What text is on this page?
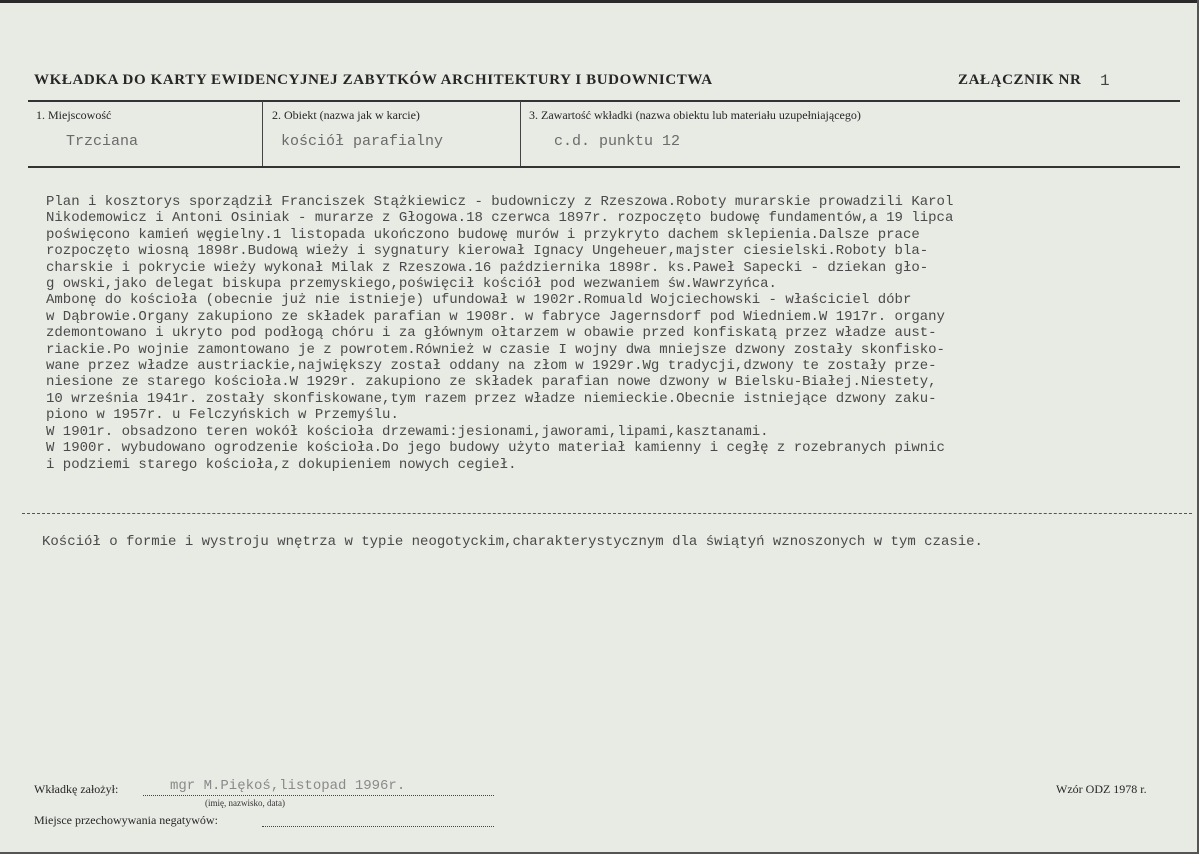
WKŁADKA DO KARTY EWIDENCYJNEJ ZABYTKÓW ARCHITEKTURY I BUDOWNICTWA	ZAŁĄCZNIK NR 1
1. Miejscowość
Trzciana
2. Obiekt (nazwa jak w karcie)
kościół parafialny
3. Zawartość wkładki (nazwa obiektu lub materiału uzupełniającego)
c.d. punktu 12
Plan i kosztorys sporządził Franciszek Stążkiewicz - budowniczy z Rzeszowa.Roboty murarskie prowadzili Karol
Nikodemowicz i Antoni Osiniak - murarze z Głogowa.18 czerwca 1897r. rozpoczęto budowę fundamentów,a 19 lipca
poświęcono kamień węgielny.1 listopada ukończono budowę murów i przykryto dachem sklepienia.Dalsze prace
rozpoczęto wiosną 1898r.Budową wieży i sygnatury kierował Ignacy Ungeheuer,majster ciesielski.Roboty bla-
charskie i pokrycie wieży wykonał Milak z Rzeszowa.16 października 1898r. ks.Paweł Sapecki - dziekan gło-
g owski,jako delegat biskupa przemyskiego,poświęcił kościół pod wezwaniem św.Wawrzyńca.
Ambonę do kościoła (obecnie już nie istnieje) ufundował w 1902r.Romuald Wojciechowski - właściciel dóbr
w Dąbrowie.Organy zakupiono ze składek parafian w 1908r. w fabryce Jagernsdorf pod Wiedniem.W 1917r. organy
zdemontowano i ukryto pod podłogą chóru i za głównym ołtarzem w obawie przed konfiskatą przez władze aust-
riackie.Po wojnie zamontowano je z powrotem.Również w czasie I wojny dwa mniejsze dzwony zostały skonfisko-
wane przez władze austriackie,największy został oddany na złom w 1929r.Wg tradycji,dzwony te zostały prze-
niesione ze starego kościoła.W 1929r. zakupiono ze składek parafian nowe dzwony w Bielsku-Białej.Niestety,
10 września 1941r. zostały skonfiskowane,tym razem przez władze niemieckie.Obecnie istniejące dzwony zaku-
piono w 1957r. u Felczyńskich w Przemyślu.
W 1901r. obsadzono teren wokół kościoła drzewami:jesionami,jaworami,lipami,kasztanami.
W 1900r. wybudowano ogrodzenie kościoła.Do jego budowy użyto materiał kamienny i cegłę z rozebranych piwnic
i podziemi starego kościoła,z dokupieniem nowych cegieł.
Kościół o formie i wystroju wnętrza w typie neogotyckim,charakterystycznym dla świątyń wznoszonych w tym czasie.
Wkładkę założył:	mgr M.Piękoś,listopad 1996r.
(imię, nazwisko, data)
Miejsce przechowywania negatywów:
Wzór ODZ 1978 r.
